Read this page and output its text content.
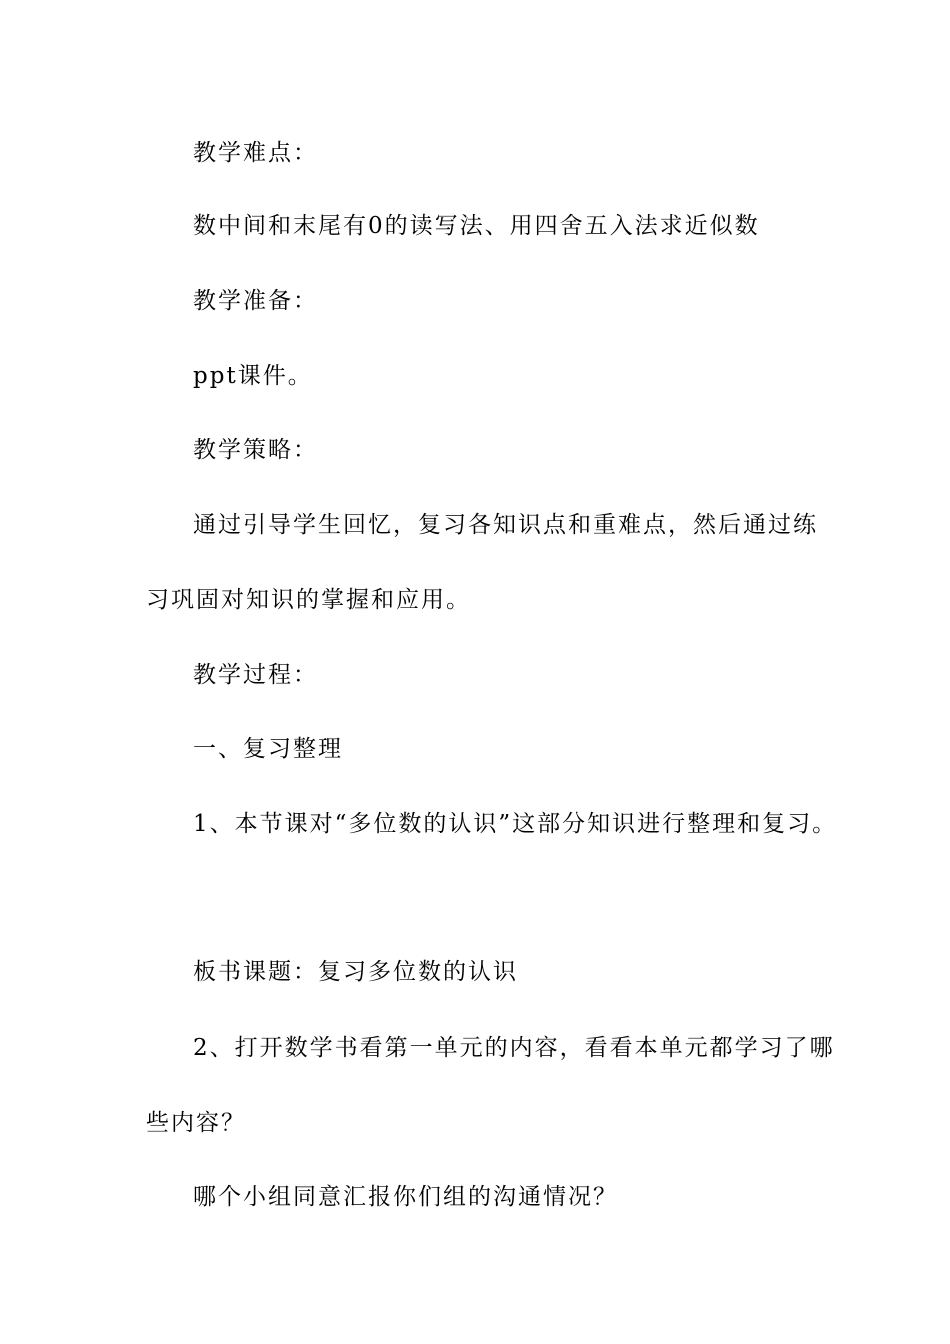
教学难点：
数中间和末尾有0的读写法、用四舍五入法求近似数
教学准备：
ppt课件。
教学策略：
通过引导学生回忆，复习各知识点和重难点，然后通过练
习巩固对知识的掌握和应用。
教学过程：
一、复习整理
1、本节课对“多位数的认识”这部分知识进行整理和复习。
板书课题：复习多位数的认识
2、打开数学书看第一单元的内容，看看本单元都学习了哪
些内容？
哪个小组同意汇报你们组的沟通情况？
